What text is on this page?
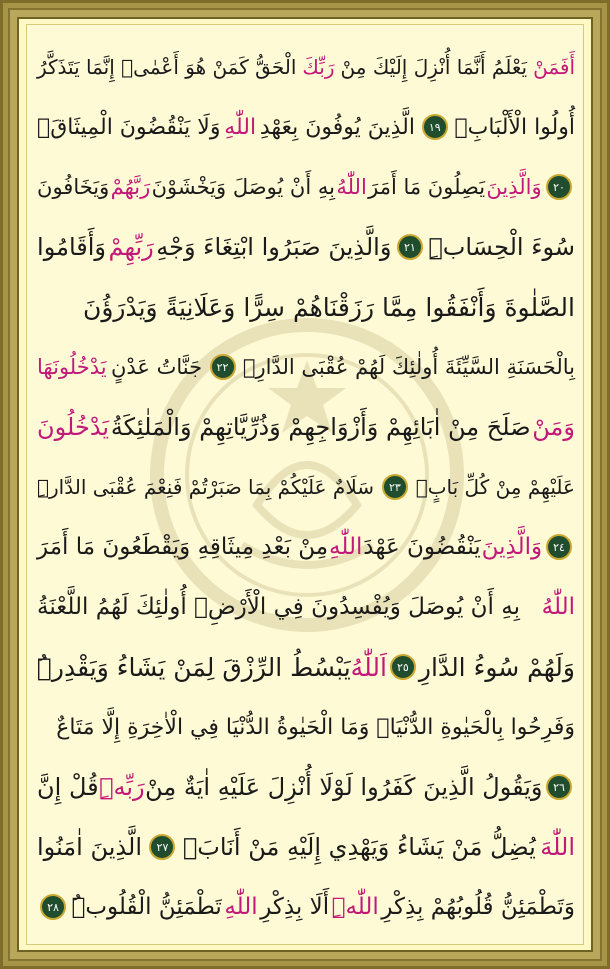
أَفَمَنْ
يَعْلَمُ أَنَّمَا أُنْزِلَ إِلَيْكَ مِنْ
رَبِّكَ
الْحَقُّ كَمَنْ هُوَ أَعْمٰىۜ إِنَّمَا يَتَذَكَّرُ
أُولُوا الْأَلْبَابِۙ
١٩
الَّذِينَ يُوفُونَ بِعَهْدِ
اللّٰهِ
وَلَا يَنْقُضُونَ الْمِيثَاقَۙ
٢٠
وَالَّذِينَ
يَصِلُونَ مَا أَمَرَ
اللّٰهُ
بِهِ أَنْ يُوصَلَ وَيَخْشَوْنَ
رَبَّهُمْ
وَيَخَافُونَ
سُوءَ الْحِسَابِۜ
٢١
وَالَّذِينَ صَبَرُوا ابْتِغَاءَ وَجْهِ
رَبِّهِمْ
وَأَقَامُوا
الصَّلٰوةَ وَأَنْفَقُوا مِمَّا رَزَقْنَاهُمْ سِرًّا وَعَلَانِيَةً وَيَدْرَؤُنَ
بِالْحَسَنَةِ السَّيِّئَةَ أُولٰئِكَ لَهُمْ عُقْبَى الدَّارِۙ
٢٢
جَنَّاتُ عَدْنٍ
يَدْخُلُونَهَا
وَمَنْ
صَلَحَ مِنْ اٰبَائِهِمْ وَأَزْوَاجِهِمْ وَذُرِّيَّاتِهِمْ وَالْمَلٰئِكَةُ
يَدْخُلُونَ
عَلَيْهِمْ مِنْ كُلِّ بَابٍۚ
٢٣
سَلَامٌ عَلَيْكُمْ بِمَا صَبَرْتُمْ فَنِعْمَ عُقْبَى الدَّارِۜ
٢٤
وَالَّذِينَ
يَنْقُضُونَ عَهْدَ
اللّٰهِ
مِنْ بَعْدِ مِيثَاقِهِ وَيَقْطَعُونَ مَا أَمَرَ
اللّٰهُ
بِهِ أَنْ يُوصَلَ وَيُفْسِدُونَ فِي الْأَرْضِۙ أُولٰئِكَ لَهُمُ اللَّعْنَةُ
وَلَهُمْ سُوءُ الدَّارِ
٢٥
اَللّٰهُ
يَبْسُطُ الرِّزْقَ لِمَنْ يَشَاءُ وَيَقْدِرُۜ
وَفَرِحُوا بِالْحَيٰوةِ الدُّنْيَاۜ وَمَا الْحَيٰوةُ الدُّنْيَا فِي الْاٰخِرَةِ إِلَّا مَتَاعٌ
٢٦
وَيَقُولُ الَّذِينَ كَفَرُوا لَوْلَا أُنْزِلَ عَلَيْهِ اٰيَةٌ مِنْ
رَبِّهِۜ
قُلْ إِنَّ
اللّٰهَ
يُضِلُّ مَنْ يَشَاءُ وَيَهْدِي إِلَيْهِ مَنْ أَنَابَۚ
٢٧
الَّذِينَ اٰمَنُوا
وَتَطْمَئِنُّ قُلُوبُهُمْ بِذِكْرِ
اللّٰهِۜ
أَلَا بِذِكْرِ
اللّٰهِ
تَطْمَئِنُّ الْقُلُوبُۜ
٢٨
